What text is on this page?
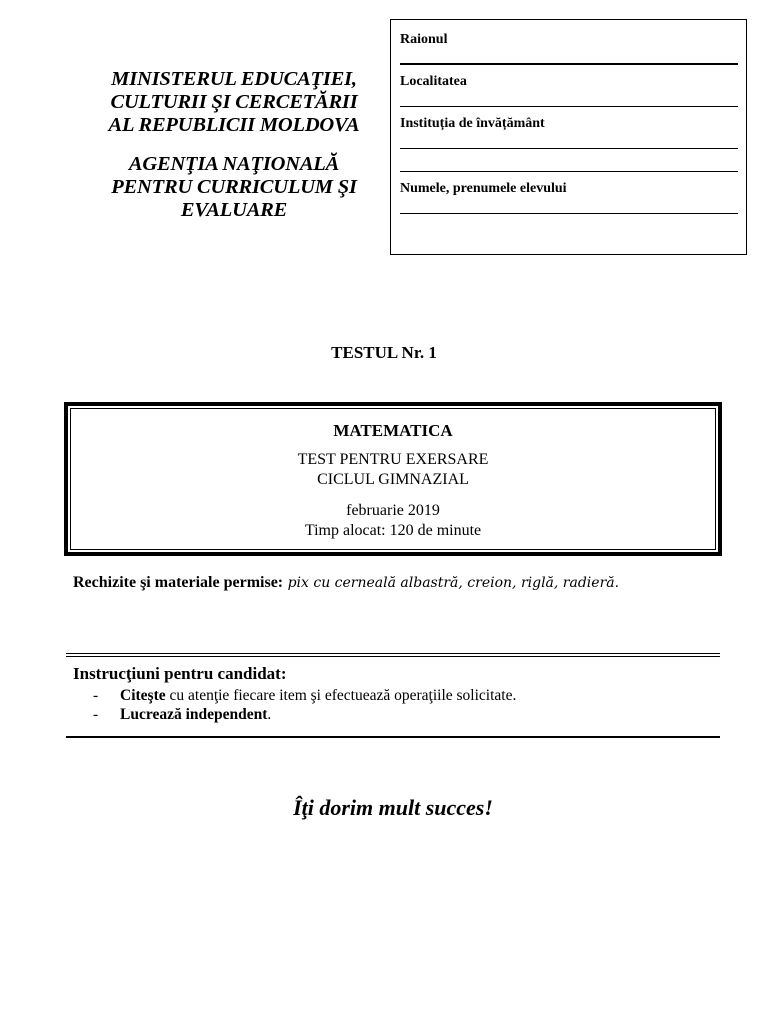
MINISTERUL EDUCAŢIEI,
CULTURII ŞI CERCETĂRII
AL REPUBLICII MOLDOVA
AGENŢIA NAŢIONALĂ
PENTRU CURRICULUM ŞI
EVALUARE
Raionul
Localitatea
Instituția de învățământ
Numele, prenumele elevului
TESTUL Nr. 1
MATEMATICA
TEST PENTRU EXERSARE
CICLUL GIMNAZIAL
februarie 2019
Timp alocat: 120 de minute
Rechizite şi materiale permise: pix cu cerneală albastră, creion, riglă, radieră.
Instrucţiuni pentru candidat:
- Citeşte cu atenţie fiecare item şi efectuează operaţiile solicitate.
- Lucrează independent.
Îţi dorim mult succes!
